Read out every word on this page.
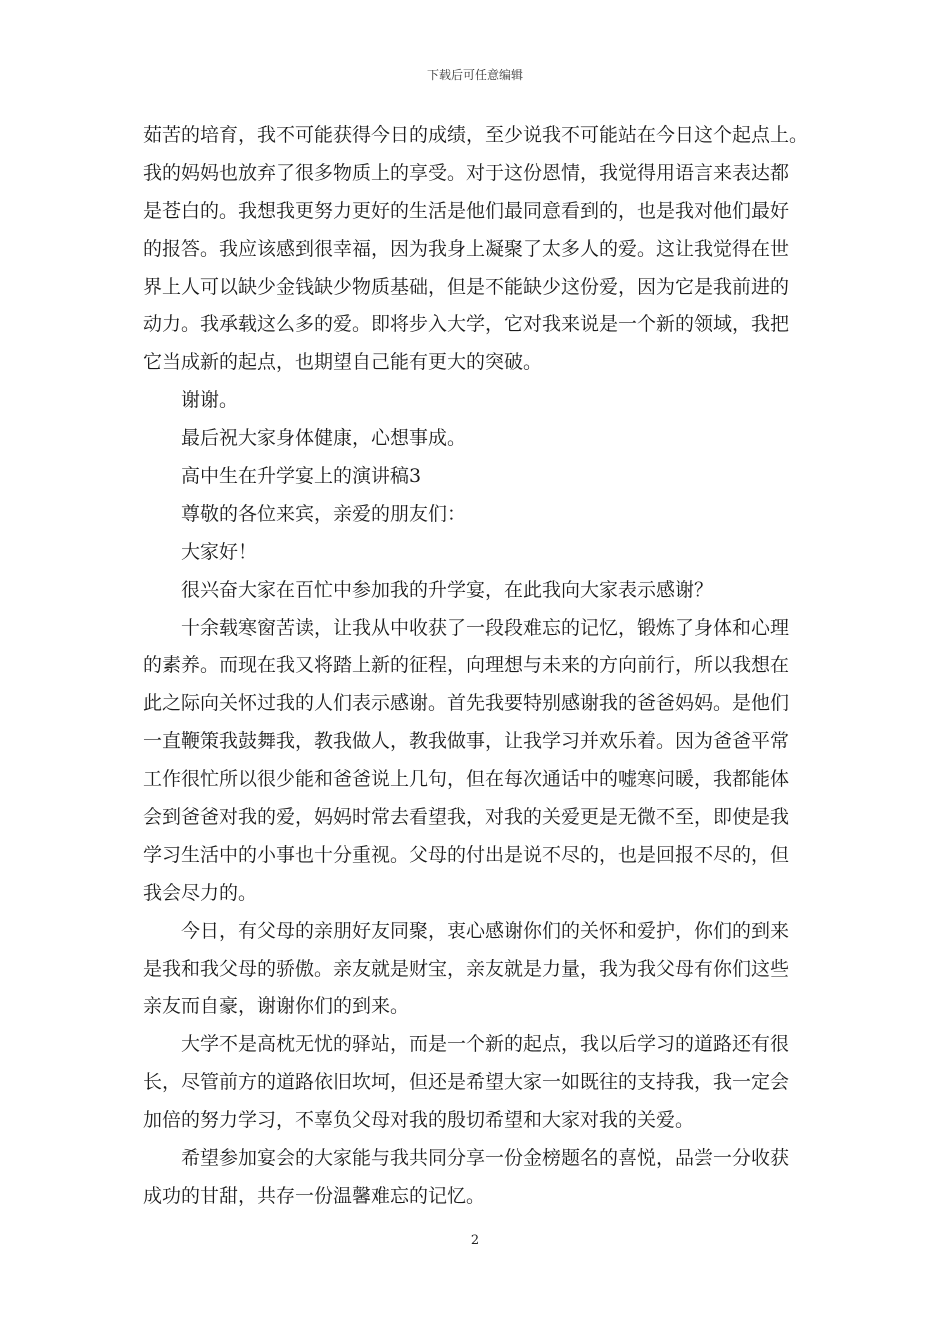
下载后可任意编辑
茹苦的培育，我不可能获得今日的成绩，至少说我不可能站在今日这个起点上。
我的妈妈也放弃了很多物质上的享受。对于这份恩情，我觉得用语言来表达都
是苍白的。我想我更努力更好的生活是他们最同意看到的，也是我对他们最好
的报答。我应该感到很幸福，因为我身上凝聚了太多人的爱。这让我觉得在世
界上人可以缺少金钱缺少物质基础，但是不能缺少这份爱，因为它是我前进的
动力。我承载这么多的爱。即将步入大学，它对我来说是一个新的领域，我把
它当成新的起点，也期望自己能有更大的突破。
谢谢。
最后祝大家身体健康，心想事成。
高中生在升学宴上的演讲稿3
尊敬的各位来宾，亲爱的朋友们：
大家好！
很兴奋大家在百忙中参加我的升学宴，在此我向大家表示感谢？
十余载寒窗苦读，让我从中收获了一段段难忘的记忆，锻炼了身体和心理
的素养。而现在我又将踏上新的征程，向理想与未来的方向前行，所以我想在
此之际向关怀过我的人们表示感谢。首先我要特别感谢我的爸爸妈妈。是他们
一直鞭策我鼓舞我，教我做人，教我做事，让我学习并欢乐着。因为爸爸平常
工作很忙所以很少能和爸爸说上几句，但在每次通话中的嘘寒问暖，我都能体
会到爸爸对我的爱，妈妈时常去看望我，对我的关爱更是无微不至，即使是我
学习生活中的小事也十分重视。父母的付出是说不尽的，也是回报不尽的，但
我会尽力的。
今日，有父母的亲朋好友同聚，衷心感谢你们的关怀和爱护，你们的到来
是我和我父母的骄傲。亲友就是财宝，亲友就是力量，我为我父母有你们这些
亲友而自豪，谢谢你们的到来。
大学不是高枕无忧的驿站，而是一个新的起点，我以后学习的道路还有很
长，尽管前方的道路依旧坎坷，但还是希望大家一如既往的支持我，我一定会
加倍的努力学习，不辜负父母对我的殷切希望和大家对我的关爱。
希望参加宴会的大家能与我共同分享一份金榜题名的喜悦，品尝一分收获
成功的甘甜，共存一份温馨难忘的记忆。
2
